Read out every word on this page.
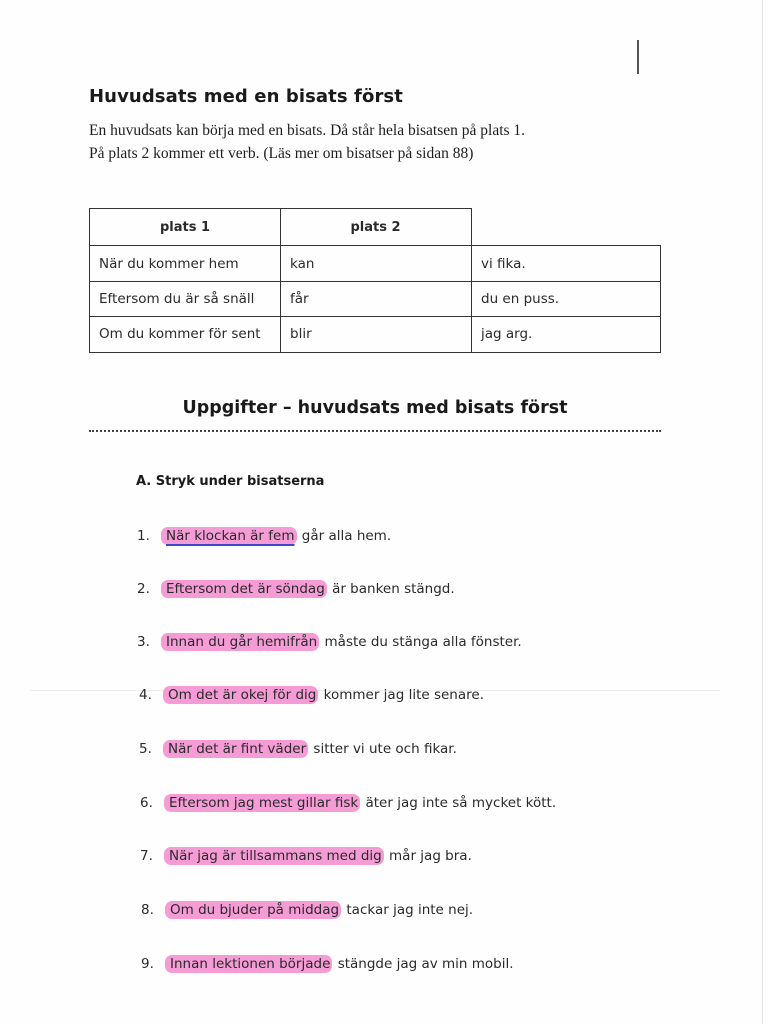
Huvudsats med en bisats först

En huvudsats kan börja med en bisats. Då står hela bisatsen på plats 1.
På plats 2 kommer ett verb. (Läs mer om bisatser på sidan 88)

plats 1	plats 2
När du kommer hem	kan	vi fika.
Eftersom du är så snäll	får	du en puss.
Om du kommer för sent	blir	jag arg.
Uppgifter – huvudsats med bisats först
A. Stryk under bisatserna
1. När klockan är fem går alla hem.
2. Eftersom det är söndag är banken stängd.
3. Innan du går hemifrån måste du stänga alla fönster.
4. Om det är okej för dig kommer jag lite senare.
5. När det är fint väder sitter vi ute och fikar.
6. Eftersom jag mest gillar fisk äter jag inte så mycket kött.
7. När jag är tillsammans med dig mår jag bra.
8. Om du bjuder på middag tackar jag inte nej.
9. Innan lektionen började stängde jag av min mobil.
